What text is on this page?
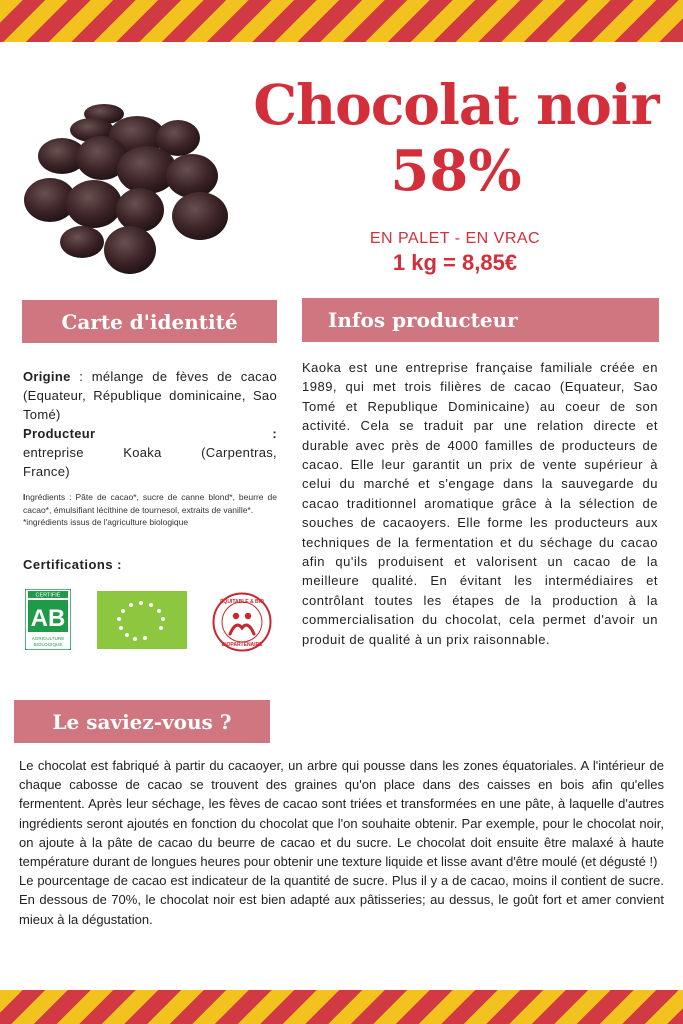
Chocolat noir
58%
EN PALET - EN VRAC
1 kg = 8,85€
Carte d'identité	Infos producteur
Origine : mélange de fèves de cacao (Equateur, République dominicaine, Sao Tomé)
Producteur	:
entreprise	Koaka	(Carpentras,
France)
Ingrédients : Pâte de cacao*, sucre de canne blond*, beurre de cacao*, émulsifiant lécithine de tournesol, extraits de vanille*.
*ingrédients issus de l'agriculture biologique
Certifications :
CERTIFIÉ
AB
AGRICULTURE
BIOLOGIQUE
ÉQUITABLE & BIO
BIOPARTENAIRE
Kaoka est une entreprise française familiale créée en 1989, qui met trois filières de cacao (Equateur, Sao Tomé et Republique Dominicaine) au coeur de son activité. Cela se traduit par une relation directe et durable avec près de 4000 familles de producteurs de cacao. Elle leur garantit un prix de vente supérieur à celui du marché et s'engage dans la sauvegarde du cacao traditionnel aromatique grâce à la sélection de souches de cacaoyers. Elle forme les producteurs aux techniques de la fermentation et du séchage du cacao afin qu'ils produisent et valorisent un cacao de la meilleure qualité. En évitant les intermédiaires et contrôlant toutes les étapes de la production à la commercialisation du chocolat, cela permet d'avoir un produit de qualité à un prix raisonnable.
Le saviez-vous ?

Le chocolat est fabriqué à partir du cacaoyer, un arbre qui pousse dans les zones équatoriales. A l'intérieur de chaque cabosse de cacao se trouvent des graines qu'on place dans des caisses en bois afin qu'elles fermentent. Après leur séchage, les fèves de cacao sont triées et transformées en une pâte, à laquelle d'autres ingrédients seront ajoutés en fonction du chocolat que l'on souhaite obtenir. Par exemple, pour le chocolat noir, on ajoute à la pâte de cacao du beurre de cacao et du sucre. Le chocolat doit ensuite être malaxé à haute température durant de longues heures pour obtenir une texture liquide et lisse avant d'être moulé (et dégusté !)

Le pourcentage de cacao est indicateur de la quantité de sucre. Plus il y a de cacao, moins il contient de sucre. En dessous de 70%, le chocolat noir est bien adapté aux pâtisseries; au dessus, le goût fort et amer convient mieux à la dégustation.
